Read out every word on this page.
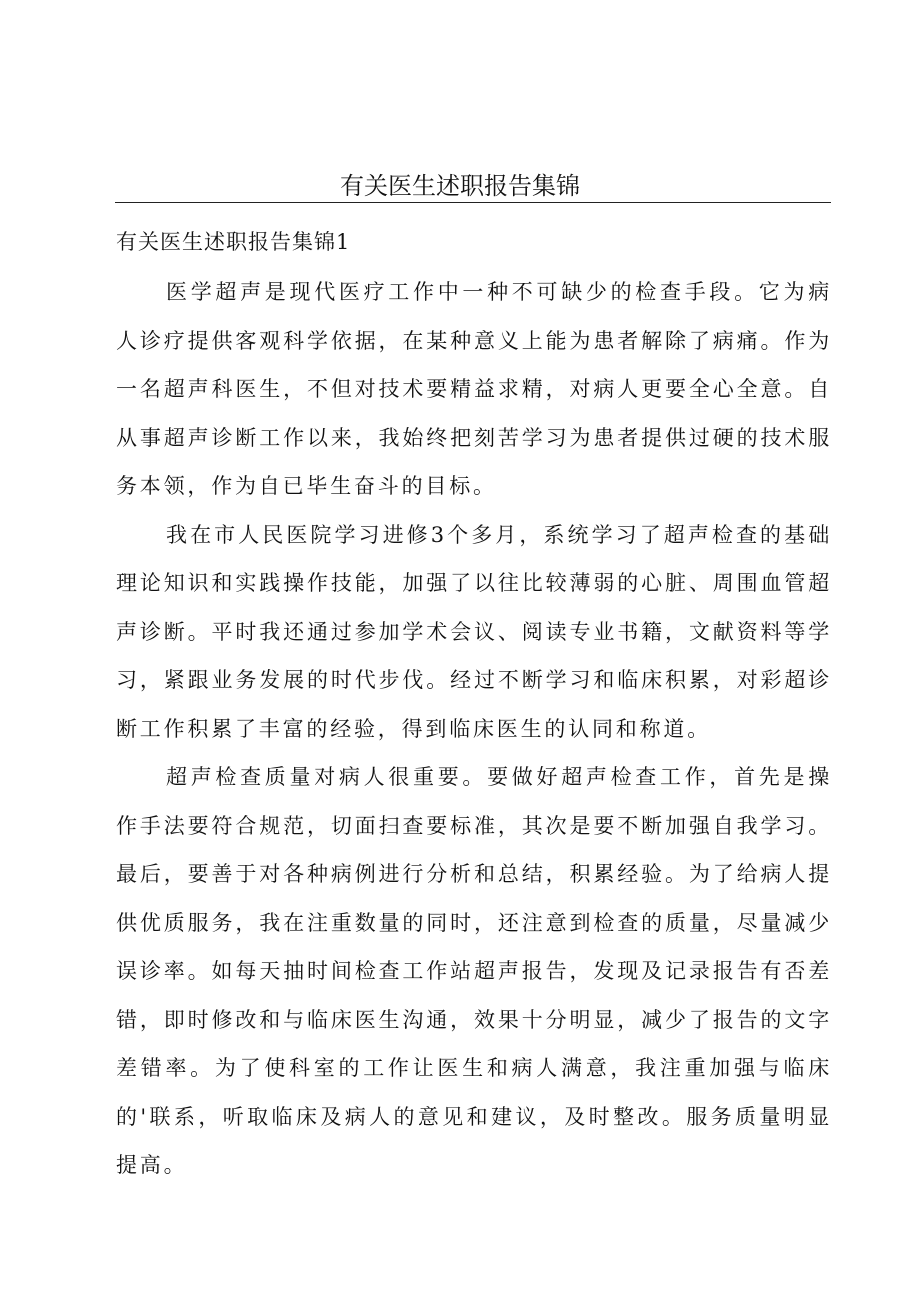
有关医生述职报告集锦
有关医生述职报告集锦1

医学超声是现代医疗工作中一种不可缺少的检查手段。它为病人诊疗提供客观科学依据，在某种意义上能为患者解除了病痛。作为一名超声科医生，不但对技术要精益求精，对病人更要全心全意。自从事超声诊断工作以来，我始终把刻苦学习为患者提供过硬的技术服务本领，作为自已毕生奋斗的目标。

我在市人民医院学习进修3个多月，系统学习了超声检查的基础理论知识和实践操作技能，加强了以往比较薄弱的心脏、周围血管超声诊断。平时我还通过参加学术会议、阅读专业书籍，文献资料等学习，紧跟业务发展的时代步伐。经过不断学习和临床积累，对彩超诊断工作积累了丰富的经验，得到临床医生的认同和称道。

超声检查质量对病人很重要。要做好超声检查工作，首先是操作手法要符合规范，切面扫查要标准，其次是要不断加强自我学习。最后，要善于对各种病例进行分析和总结，积累经验。为了给病人提供优质服务，我在注重数量的同时，还注意到检查的质量，尽量减少误诊率。如每天抽时间检查工作站超声报告，发现及记录报告有否差错，即时修改和与临床医生沟通，效果十分明显，减少了报告的文字差错率。为了使科室的工作让医生和病人满意，我注重加强与临床的'联系，听取临床及病人的意见和建议，及时整改。服务质量明显提高。
